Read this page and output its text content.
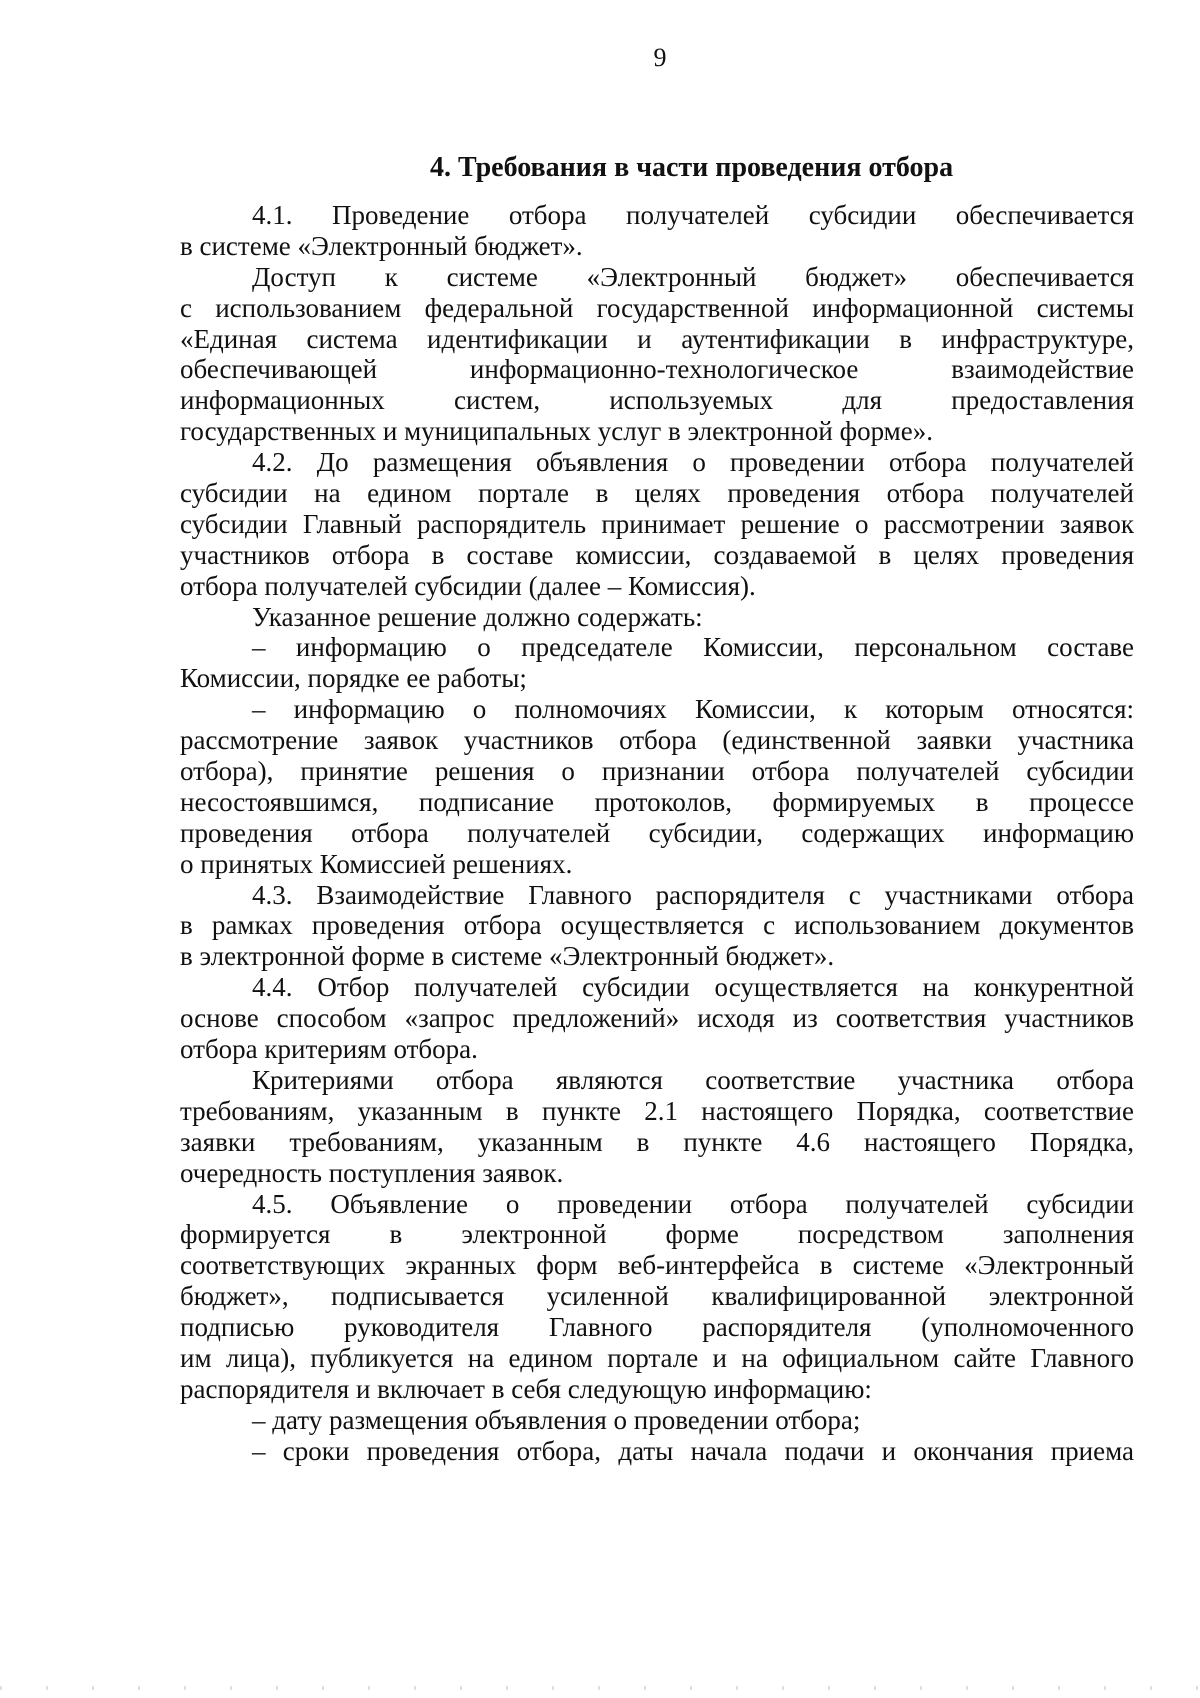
9
4. Требования в части проведения отбора
4.1. Проведение отбора получателей субсидии обеспечивается
в системе «Электронный бюджет».
Доступ к системе «Электронный бюджет» обеспечивается
с использованием федеральной государственной информационной системы
«Единая система идентификации и аутентификации в инфраструктуре,
обеспечивающей информационно-технологическое взаимодействие
информационных систем, используемых для предоставления
государственных и муниципальных услуг в электронной форме».
4.2. До размещения объявления о проведении отбора получателей
субсидии на едином портале в целях проведения отбора получателей
субсидии Главный распорядитель принимает решение о рассмотрении заявок
участников отбора в составе комиссии, создаваемой в целях проведения
отбора получателей субсидии (далее – Комиссия).
Указанное решение должно содержать:
– информацию о председателе Комиссии, персональном составе
Комиссии, порядке ее работы;
– информацию о полномочиях Комиссии, к которым относятся:
рассмотрение заявок участников отбора (единственной заявки участника
отбора), принятие решения о признании отбора получателей субсидии
несостоявшимся, подписание протоколов, формируемых в процессе
проведения отбора получателей субсидии, содержащих информацию
о принятых Комиссией решениях.
4.3. Взаимодействие Главного распорядителя с участниками отбора
в рамках проведения отбора осуществляется с использованием документов
в электронной форме в системе «Электронный бюджет».
4.4. Отбор получателей субсидии осуществляется на конкурентной
основе способом «запрос предложений» исходя из соответствия участников
отбора критериям отбора.
Критериями отбора являются соответствие участника отбора
требованиям, указанным в пункте 2.1 настоящего Порядка, соответствие
заявки требованиям, указанным в пункте 4.6 настоящего Порядка,
очередность поступления заявок.
4.5. Объявление о проведении отбора получателей субсидии
формируется в электронной форме посредством заполнения
соответствующих экранных форм веб-интерфейса в системе «Электронный
бюджет», подписывается усиленной квалифицированной электронной
подписью руководителя Главного распорядителя (уполномоченного
им лица), публикуется на едином портале и на официальном сайте Главного
распорядителя и включает в себя следующую информацию:
– дату размещения объявления о проведении отбора;
– сроки проведения отбора, даты начала подачи и окончания приема
